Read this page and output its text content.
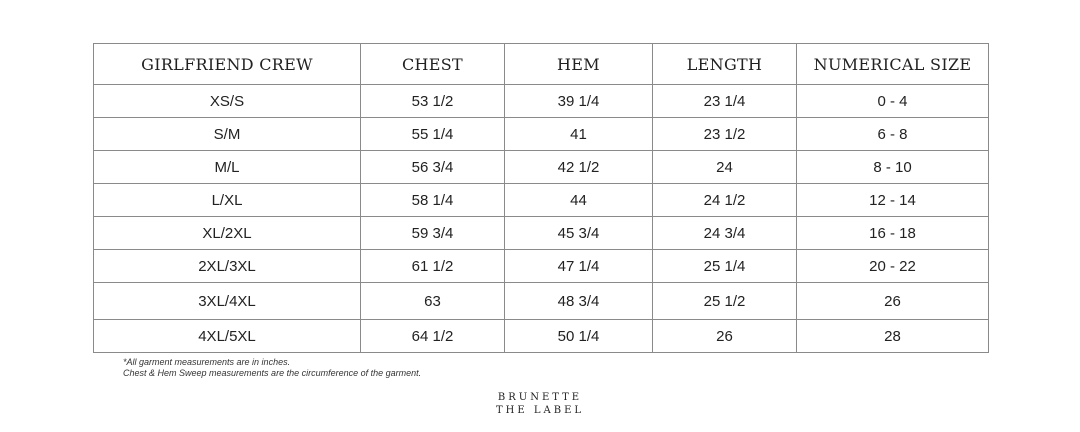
GIRLFRIEND CREW	CHEST	HEM	LENGTH	NUMERICAL SIZE
XS/S	53 1/2	39 1/4	23 1/4	0 - 4
S/M	55 1/4	41	23 1/2	6 - 8
M/L	56 3/4	42 1/2	24	8 - 10
L/XL	58 1/4	44	24 1/2	12 - 14
XL/2XL	59 3/4	45 3/4	24 3/4	16 - 18
2XL/3XL	61 1/2	47 1/4	25 1/4	20 - 22
3XL/4XL	63	48 3/4	25 1/2	26
4XL/5XL	64 1/2	50 1/4	26	28

*All garment measurements are in inches.

Chest & Hem Sweep measurements are the circumference of the garment.

BRUNETTE

THE LABEL
